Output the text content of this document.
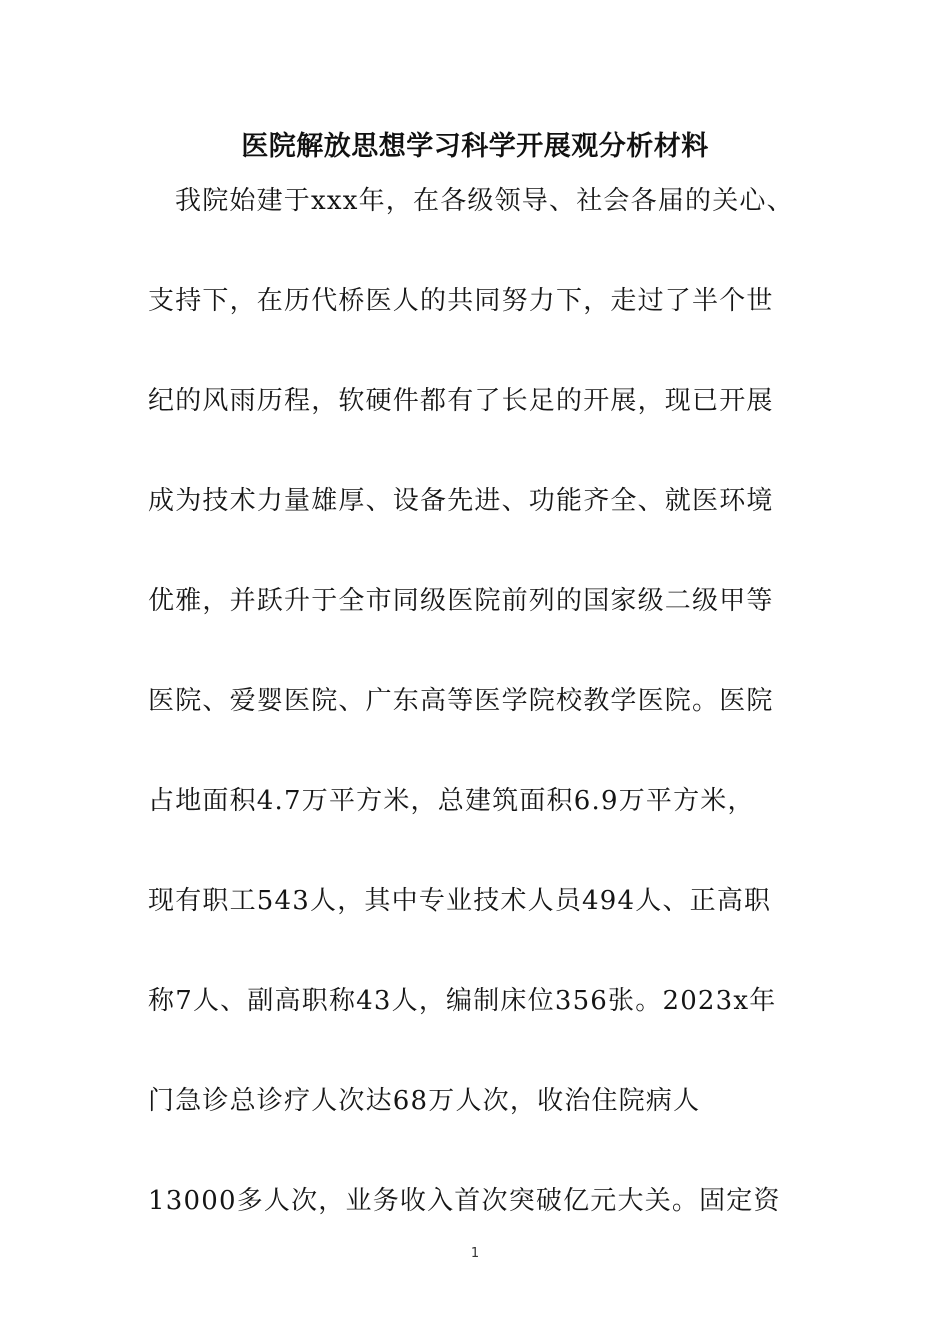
医院解放思想学习科学开展观分析材料
我院始建于xxx年，在各级领导、社会各届的关心、
支持下，在历代桥医人的共同努力下，走过了半个世
纪的风雨历程，软硬件都有了长足的开展，现已开展
成为技术力量雄厚、设备先进、功能齐全、就医环境
优雅，并跃升于全市同级医院前列的国家级二级甲等
医院、爱婴医院、广东高等医学院校教学医院。医院
占地面积4.7万平方米，总建筑面积6.9万平方米，
现有职工543人，其中专业技术人员494人、正高职
称7人、副高职称43人，编制床位356张。2023x年
门急诊总诊疗人次达68万人次，收治住院病人
13000多人次，业务收入首次突破亿元大关。固定资
1
